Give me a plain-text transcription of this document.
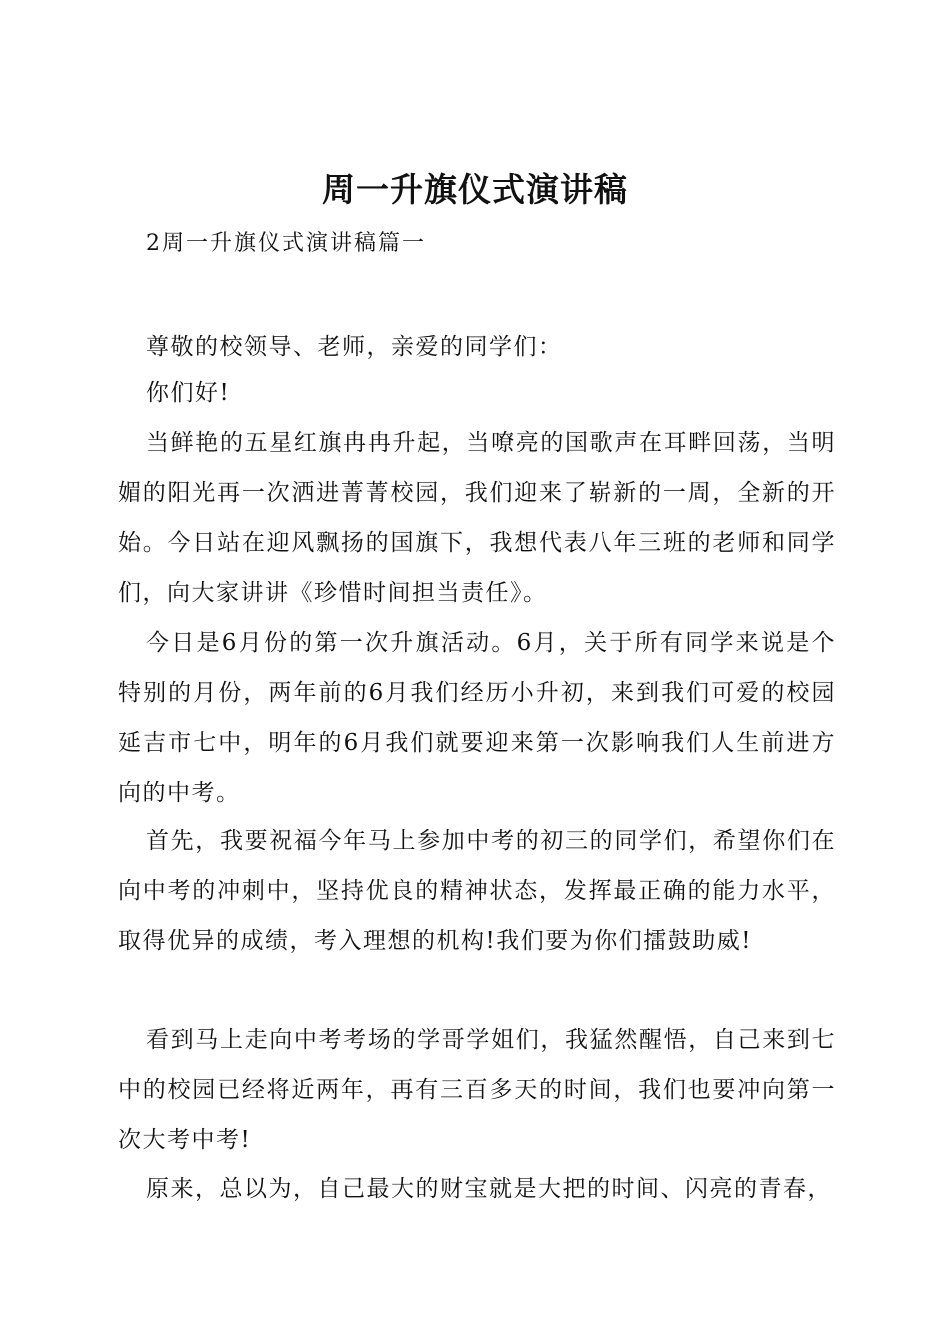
周一升旗仪式演讲稿
2周一升旗仪式演讲稿篇一

尊敬的校领导、老师，亲爱的同学们：

你们好!

当鲜艳的五星红旗冉冉升起，当嘹亮的国歌声在耳畔回荡，当明媚的阳光再一次洒进菁菁校园，我们迎来了崭新的一周，全新的开始。今日站在迎风飘扬的国旗下，我想代表八年三班的老师和同学们，向大家讲讲《珍惜时间担当责任》。

今日是6月份的第一次升旗活动。6月，关于所有同学来说是个特别的月份，两年前的6月我们经历小升初，来到我们可爱的校园延吉市七中，明年的6月我们就要迎来第一次影响我们人生前进方向的中考。

首先，我要祝福今年马上参加中考的初三的同学们，希望你们在向中考的冲刺中，坚持优良的精神状态，发挥最正确的能力水平，取得优异的成绩，考入理想的机构!我们要为你们擂鼓助威!

看到马上走向中考考场的学哥学姐们，我猛然醒悟，自己来到七中的校园已经将近两年，再有三百多天的时间，我们也要冲向第一次大考中考!

原来，总以为，自己最大的财宝就是大把的时间、闪亮的青春，
